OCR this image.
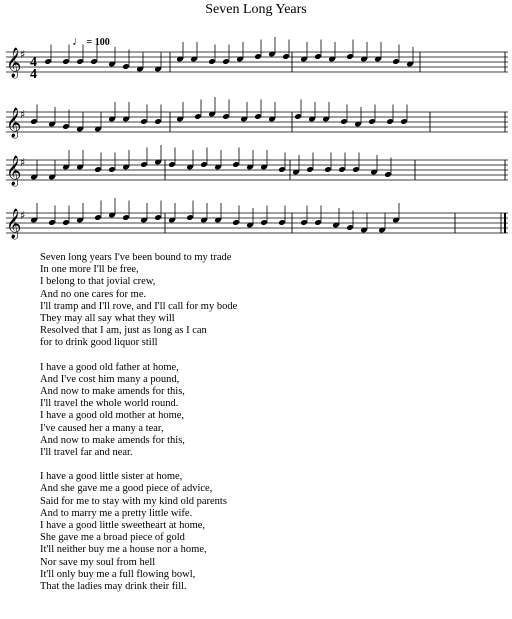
Seven Long Years
♩ = 100
𝄞
♯
𝄞
♯
𝄞
♯
𝄞
♯
4
4
Seven long years I've been bound to my trade
In one more I'll be free,
I belong to that jovial crew,
And no one cares for me.
I'll tramp and I'll rove, and I'll call for my bode
They may all say what they will
Resolved that I am, just as long as I can
for to drink good liquor still
I have a good old father at home,
And I've cost him many a pound,
And now to make amends for this,
I'll travel the whole world round.
I have a good old mother at home,
I've caused her a many a tear,
And now to make amends for this,
I'll travel far and near.
I have a good little sister at home,
And she gave me a good piece of advice,
Said for me to stay with my kind old parents
And to marry me a pretty little wife.
I have a good little sweetheart at home,
She gave me a broad piece of gold
It'll neither buy me a house nor a home,
Nor save my soul from hell
It'll only buy me a full flowing bowl,
That the ladies may drink their fill.
